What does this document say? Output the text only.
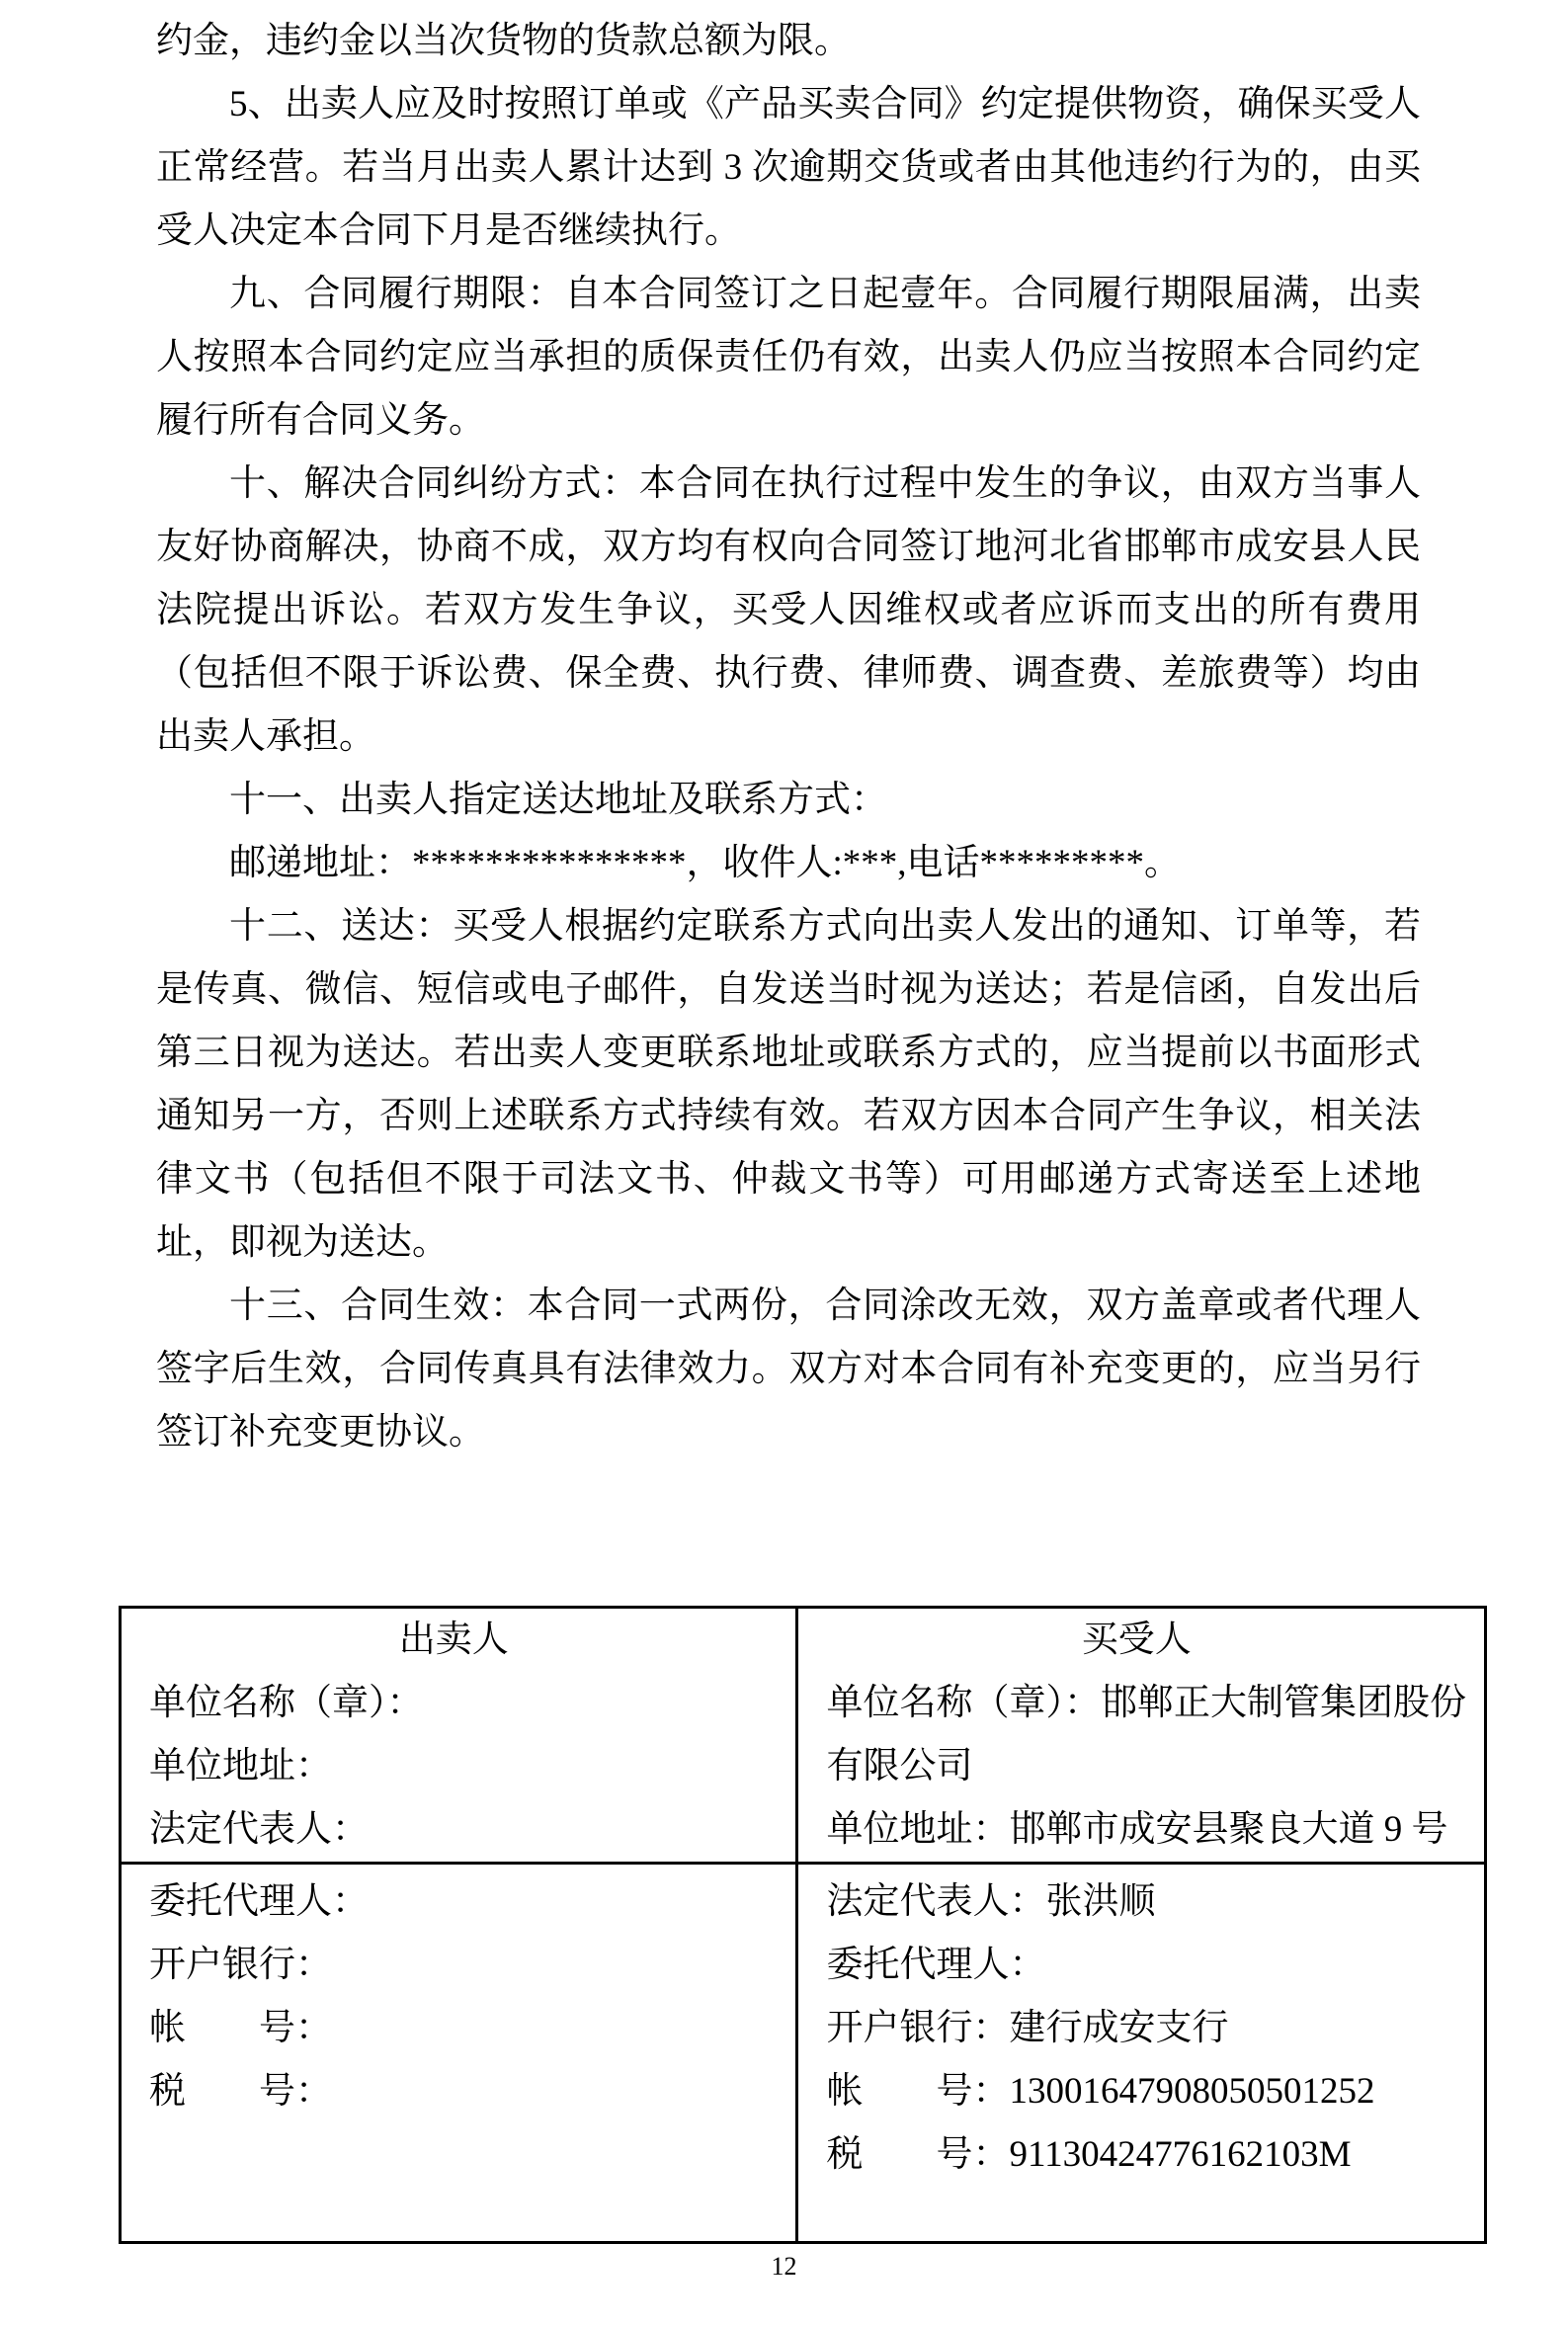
约金，违约金以当次货物的货款总额为限。

5、出卖人应及时按照订单或《产品买卖合同》约定提供物资，确保买受人正常经营。若当月出卖人累计达到 3 次逾期交货或者由其他违约行为的，由买受人决定本合同下月是否继续执行。

九、合同履行期限：自本合同签订之日起壹年。合同履行期限届满，出卖人按照本合同约定应当承担的质保责任仍有效，出卖人仍应当按照本合同约定履行所有合同义务。

十、解决合同纠纷方式：本合同在执行过程中发生的争议，由双方当事人友好协商解决，协商不成，双方均有权向合同签订地河北省邯郸市成安县人民法院提出诉讼。若双方发生争议，买受人因维权或者应诉而支出的所有费用（包括但不限于诉讼费、保全费、执行费、律师费、调查费、差旅费等）均由出卖人承担。

十一、出卖人指定送达地址及联系方式：

邮递地址：***************，收件人:***,电话*********。

十二、送达：买受人根据约定联系方式向出卖人发出的通知、订单等，若是传真、微信、短信或电子邮件，自发送当时视为送达；若是信函，自发出后第三日视为送达。若出卖人变更联系地址或联系方式的，应当提前以书面形式通知另一方，否则上述联系方式持续有效。若双方因本合同产生争议，相关法律文书（包括但不限于司法文书、仲裁文书等）可用邮递方式寄送至上述地址，即视为送达。

十三、合同生效：本合同一式两份，合同涂改无效，双方盖章或者代理人签字后生效，合同传真具有法律效力。双方对本合同有补充变更的，应当另行签订补充变更协议。

出卖人
单位名称（章）：
单位地址：
法定代表人：

买受人
单位名称（章）：邯郸正大制管集团股份有限公司
单位地址：邯郸市成安县聚良大道 9 号

委托代理人：
开户银行：
帐　　号：
税　　号：

法定代表人：张洪顺
委托代理人：
开户银行：建行成安支行
帐　　号：13001647908050501252
税　　号：91130424776162103M
12
